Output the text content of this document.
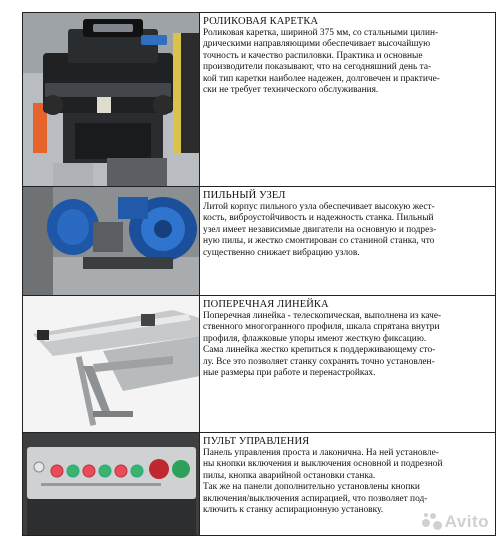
РОЛИКОВАЯ КАРЕТКА
Роликовая каретка, шириной 375 мм, со стальными цилин-
дрическими направляющими обеспечивает высочайшую
точность и качество распиловки. Практика и основные
производители показывают, что на сегодняшний день та-
кой тип каретки наиболее надежен, долговечен и практиче-
ски не требует технического обслуживания.
ПИЛЬНЫЙ УЗЕЛ
Литой корпус пильного узла обеспечивает высокую жест-
кость, виброустойчивость и надежность станка. Пильный
узел имеет независимые двигатели на основную и подрез-
ную пилы, и жестко смонтирован со станиной станка, что
существенно снижает вибрацию узлов.
ПОПЕРЕЧНАЯ ЛИНЕЙКА
Поперечная линейка - телескопическая, выполнена из каче-
ственного многогранного профиля, шкала спрятана внутри
профиля, флажковые упоры имеют жесткую фиксацию.
Сама линейка жестко крепиться к поддерживающему сто-
лу. Все это позволяет станку сохранять точно установлен-
ные размеры при работе и перенастройках.
ПУЛЬТ УПРАВЛЕНИЯ
Панель управления проста и лаконична. На ней установле-
ны кнопки включения и выключения основной и подрезной
пилы, кнопка аварийной остановки станка.
Так же на панели дополнительно установлены кнопки
включения/выключения аспирацией, что позволяет под-
ключить к станку аспирационную установку.
Avito
